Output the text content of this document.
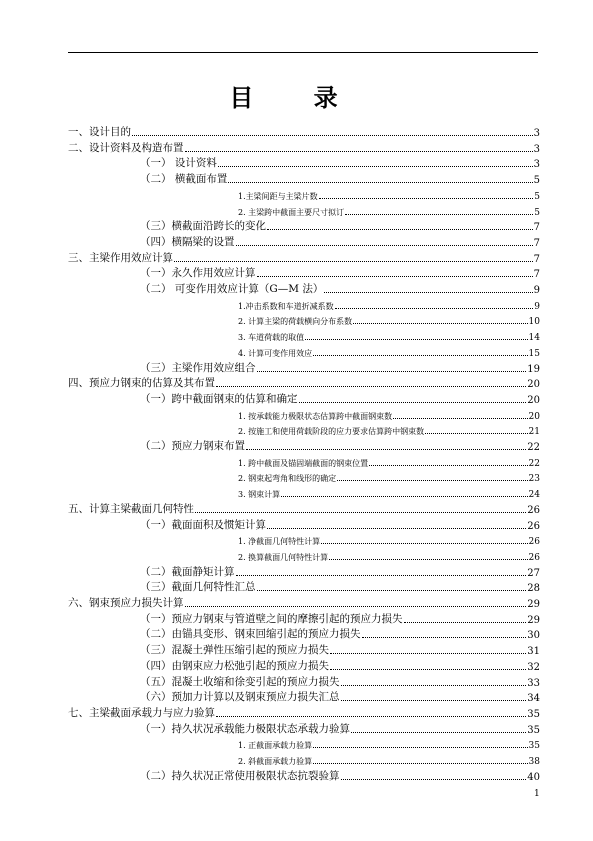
目 录
一、设计目的	3
二、设计资料及构造布置	3
（一） 设计资料	3
（二） 横截面布置	5
1.主梁间距与主梁片数	5
2. 主梁跨中截面主要尺寸拟订	5
（三）横截面沿跨长的变化	7
（四）横隔梁的设置	7
三、主梁作用效应计算	7
（一）永久作用效应计算	7
（二） 可变作用效应计算（G—M 法）	9
1.冲击系数和车道折减系数	9
2. 计算主梁的荷载横向分布系数	10
3. 车道荷载的取值	14
4. 计算可变作用效应	15
（三）主梁作用效应组合	19
四、预应力钢束的估算及其布置	20
（一）跨中截面钢束的估算和确定	20
1. 按承载能力极限状态估算跨中截面钢束数	20
2. 按施工和使用荷载阶段的应力要求估算跨中钢束数	21
（二）预应力钢束布置	22
1. 跨中截面及锚固端截面的钢束位置	22
2. 钢束起弯角和线形的确定	23
3. 钢束计算	24
五、计算主梁截面几何特性	26
（一）截面面积及惯矩计算	26
1. 净截面几何特性计算	26
2. 换算截面几何特性计算	26
（二）截面静矩计算	27
（三）截面几何特性汇总	28
六、钢束预应力损失计算	29
（一）预应力钢束与管道壁之间的摩擦引起的预应力损失	29
（二）由锚具变形、钢束回缩引起的预应力损失	30
（三）混凝土弹性压缩引起的预应力损失	31
（四）由钢束应力松弛引起的预应力损失	32
（五）混凝土收缩和徐变引起的预应力损失	33
（六）预加力计算以及钢束预应力损失汇总	34
七、主梁截面承载力与应力验算	35
（一）持久状况承载能力极限状态承载力验算	35
1. 正截面承载力验算	35
2. 斜截面承载力验算	38
（二）持久状况正常使用极限状态抗裂验算	40
1
